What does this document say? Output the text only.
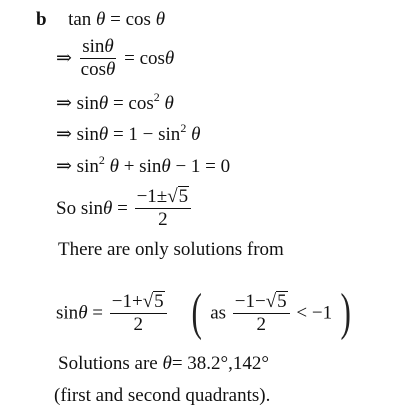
b tan θ = cos θ
⇒ $\frac{\sin\theta}{\cos\theta} = \cos\theta$
⇒ $\sin\theta = \cos^2 \theta$
⇒ $\sin\theta = 1 - \sin^2 \theta$
⇒ $\sin^2 \theta + \sin\theta - 1 = 0$
So $\sin\theta = \frac{-1\pm√5}{2}$
There are only solutions from
$\sin\theta = \frac{-1+√5}{2}$ ( as $\frac{-1-√5}{2} < -1$ )
Solutions are θ= 38.2°,142°
(first and second quadrants).
